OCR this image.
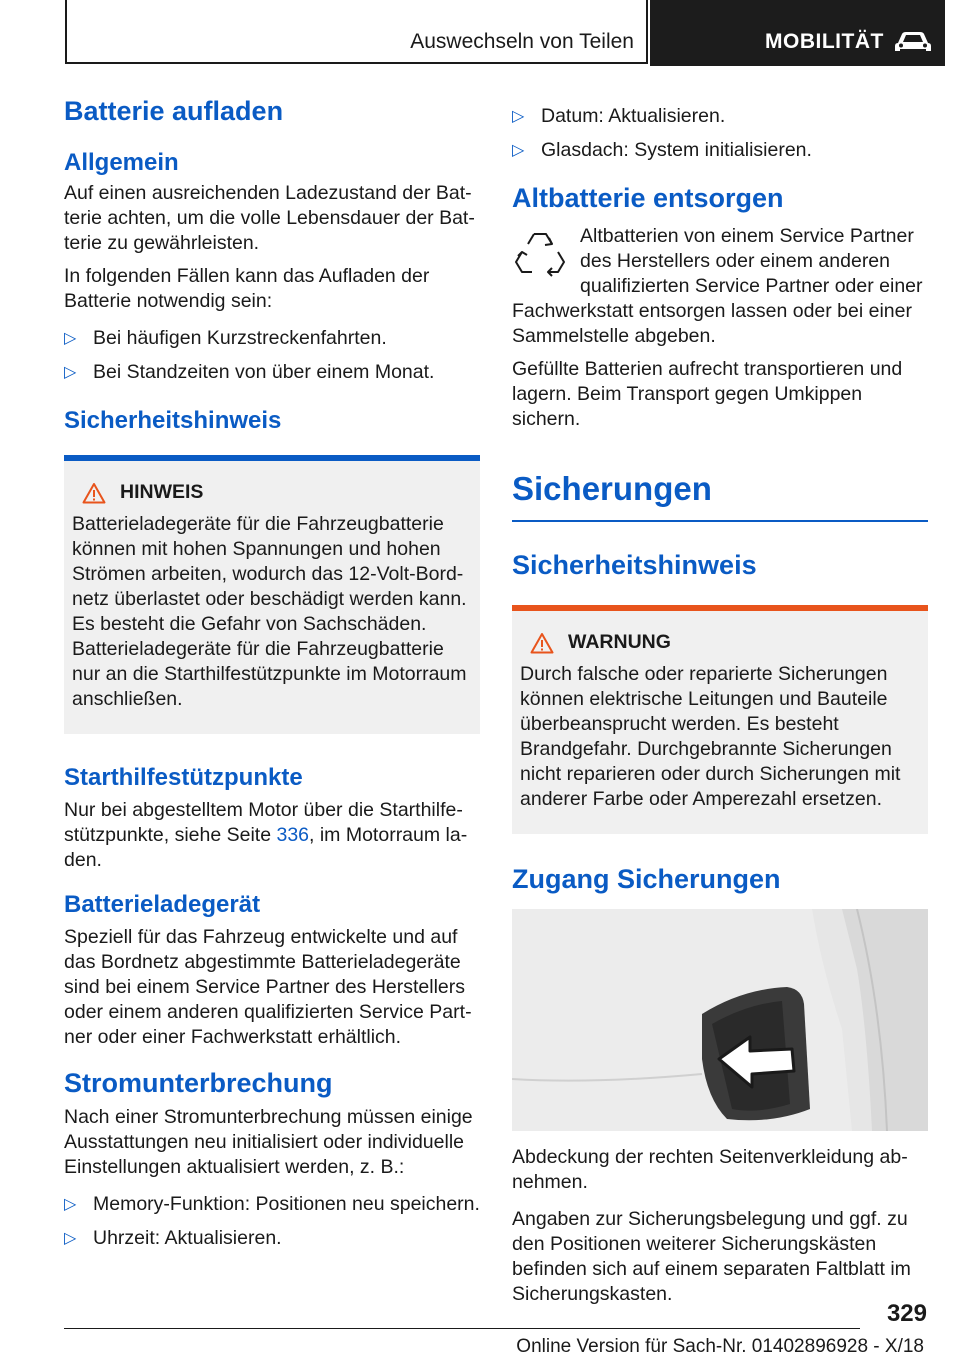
Auswechseln von Teilen	MOBILITÄT
Batterie aufladen
Allgemein

Auf einen ausreichenden Ladezustand der Batterie achten, um die volle Lebensdauer der Batterie zu gewährleisten.

In folgenden Fällen kann das Aufladen der Batterie notwendig sein:

▷ Bei häufigen Kurzstreckenfahrten.
▷ Bei Standzeiten von über einem Monat.
Sicherheitshinweis
HINWEIS

Batterieladegeräte für die Fahrzeugbatterie können mit hohen Spannungen und hohen Strömen arbeiten, wodurch das 12-Volt-Bordnetz überlastet oder beschädigt werden kann. Es besteht die Gefahr von Sachschäden. Batterieladegeräte für die Fahrzeugbatterie nur an die Starthilfestützpunkte im Motorraum anschließen.

Starthilfestützpunkte

Nur bei abgestelltem Motor über die Starthilfestützpunkte, siehe Seite 336, im Motorraum laden.

Batterieladegerät

Speziell für das Fahrzeug entwickelte und auf das Bordnetz abgestimmte Batterieladegeräte sind bei einem Service Partner des Herstellers oder einem anderen qualifizierten Service Partner oder einer Fachwerkstatt erhältlich.

Stromunterbrechung

Nach einer Stromunterbrechung müssen einige Ausstattungen neu initialisiert oder individuelle Einstellungen aktualisiert werden, z. B.:

▷ Memory-Funktion: Positionen neu speichern.
▷ Uhrzeit: Aktualisieren.
▷ Datum: Aktualisieren.
▷ Glasdach: System initialisieren.
Altbatterie entsorgen

Altbatterien von einem Service Partner des Herstellers oder einem anderen qualifizierten Service Partner oder einer Fachwerkstatt entsorgen lassen oder bei einer Sammelstelle abgeben.

Gefüllte Batterien aufrecht transportieren und lagern. Beim Transport gegen Umkippen sichern.

Sicherungen
Sicherheitshinweis
WARNUNG

Durch falsche oder reparierte Sicherungen können elektrische Leitungen und Bauteile überbeansprucht werden. Es besteht Brandgefahr. Durchgebrannte Sicherungen nicht reparieren oder durch Sicherungen mit anderer Farbe oder Amperezahl ersetzen.

Zugang Sicherungen

Abdeckung der rechten Seitenverkleidung abnehmen.

Angaben zur Sicherungsbelegung und ggf. zu den Positionen weiterer Sicherungskästen befinden sich auf einem separaten Faltblatt im Sicherungskasten.

329
Online Version für Sach-Nr. 01402896928 - X/18
